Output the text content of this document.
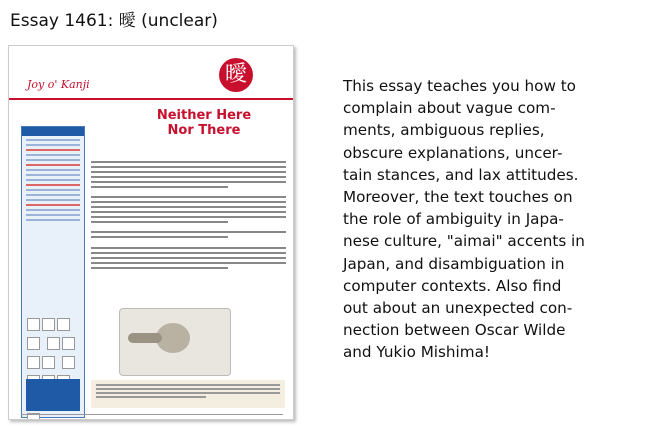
Essay 1461: 曖 (unclear)
Joy o' Kanji	曖
Neither Here
Nor There

This essay teaches you how to
complain about vague com-
ments, ambiguous replies,
obscure explanations, uncer-
tain stances, and lax attitudes.
Moreover, the text touches on
the role of ambiguity in Japa-
nese culture, "aimai" accents in
Japan, and disambiguation in
computer contexts. Also find
out about an unexpected con-
nection between Oscar Wilde
and Yukio Mishima!
